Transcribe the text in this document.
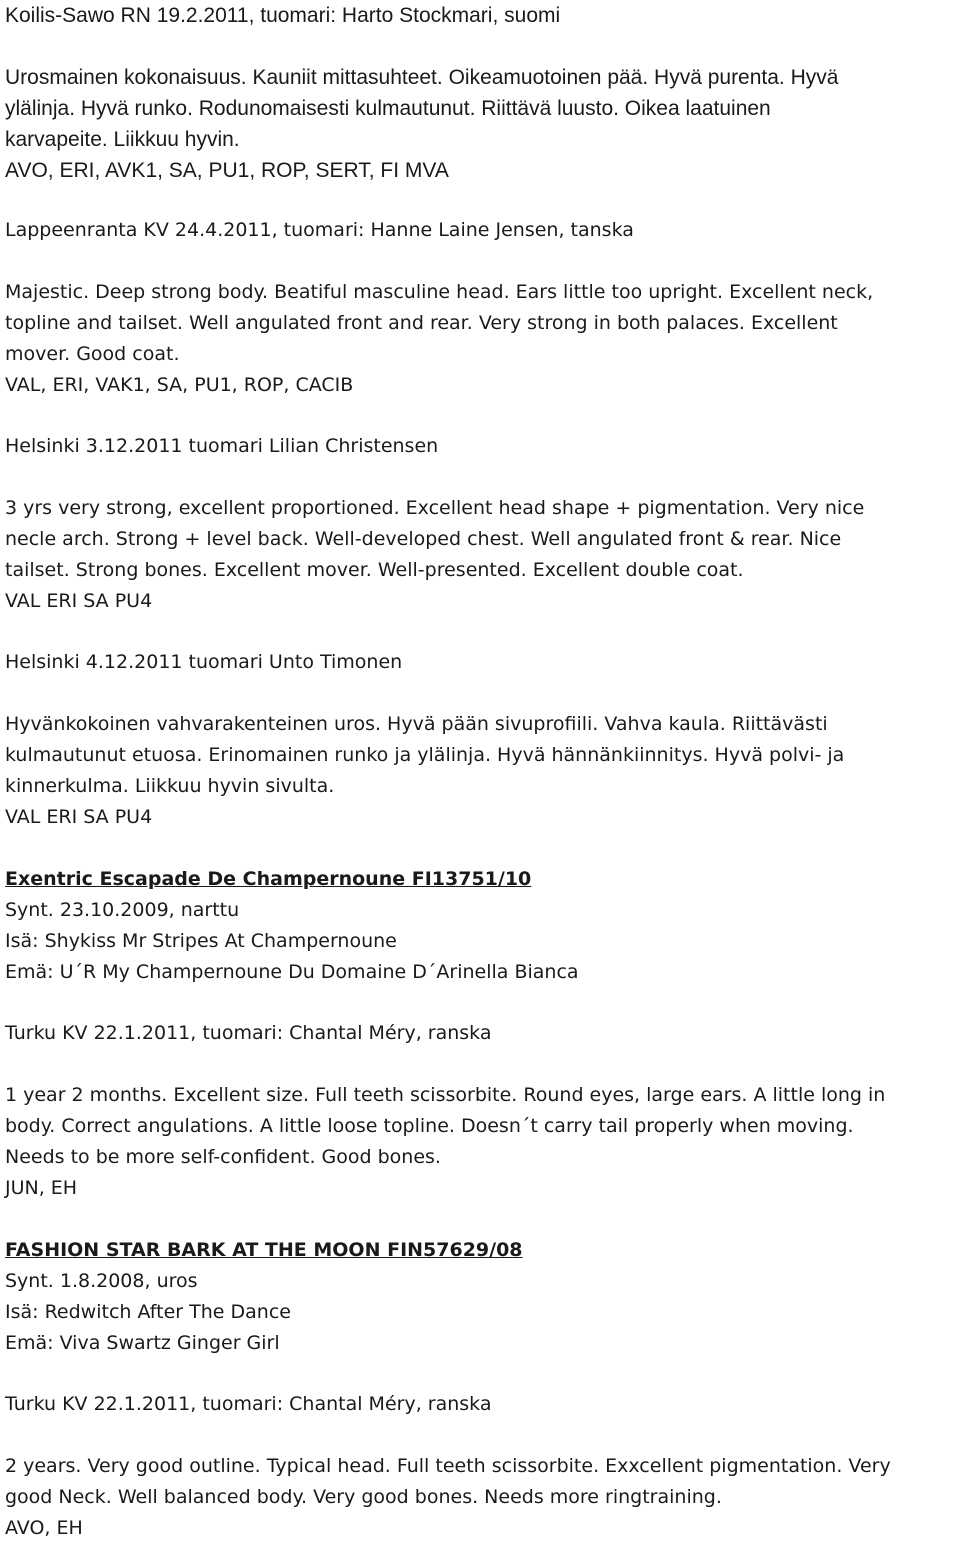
Koilis-Sawo RN 19.2.2011, tuomari: Harto Stockmari, suomi
Urosmainen kokonaisuus. Kauniit mittasuhteet. Oikeamuotoinen pää. Hyvä purenta. Hyvä
ylälinja. Hyvä runko. Rodunomaisesti kulmautunut. Riittävä luusto. Oikea laatuinen
karvapeite. Liikkuu hyvin.
AVO, ERI, AVK1, SA, PU1, ROP, SERT, FI MVA
Lappeenranta KV 24.4.2011, tuomari: Hanne Laine Jensen, tanska
Majestic. Deep strong body. Beatiful masculine head. Ears little too upright. Excellent neck,
topline and tailset. Well angulated front and rear. Very strong in both palaces. Excellent
mover. Good coat.
VAL, ERI, VAK1, SA, PU1, ROP, CACIB
Helsinki 3.12.2011 tuomari Lilian Christensen
3 yrs very strong, excellent proportioned. Excellent head shape + pigmentation. Very nice
necle arch. Strong + level back. Well-developed chest. Well angulated front & rear. Nice
tailset. Strong bones. Excellent mover. Well-presented. Excellent double coat.
VAL ERI SA PU4
Helsinki 4.12.2011 tuomari Unto Timonen
Hyvänkokoinen vahvarakenteinen uros. Hyvä pään sivuprofiili. Vahva kaula. Riittävästi
kulmautunut etuosa. Erinomainen runko ja ylälinja. Hyvä hännänkiinnitys. Hyvä polvi- ja
kinnerkulma. Liikkuu hyvin sivulta.
VAL ERI SA PU4
Exentric Escapade De Champernoune FI13751/10
Synt. 23.10.2009, narttu
Isä: Shykiss Mr Stripes At Champernoune
Emä: U´R My Champernoune Du Domaine D´Arinella Bianca
Turku KV 22.1.2011, tuomari: Chantal Méry, ranska
1 year 2 months. Excellent size. Full teeth scissorbite. Round eyes, large ears. A little long in
body. Correct angulations. A little loose topline. Doesn´t carry tail properly when moving.
Needs to be more self-confident. Good bones.
JUN, EH
FASHION STAR BARK AT THE MOON FIN57629/08
Synt. 1.8.2008, uros
Isä: Redwitch After The Dance
Emä: Viva Swartz Ginger Girl
Turku KV 22.1.2011, tuomari: Chantal Méry, ranska
2 years. Very good outline. Typical head. Full teeth scissorbite. Exxcellent pigmentation. Very
good Neck. Well balanced body. Very good bones. Needs more ringtraining.
AVO, EH
